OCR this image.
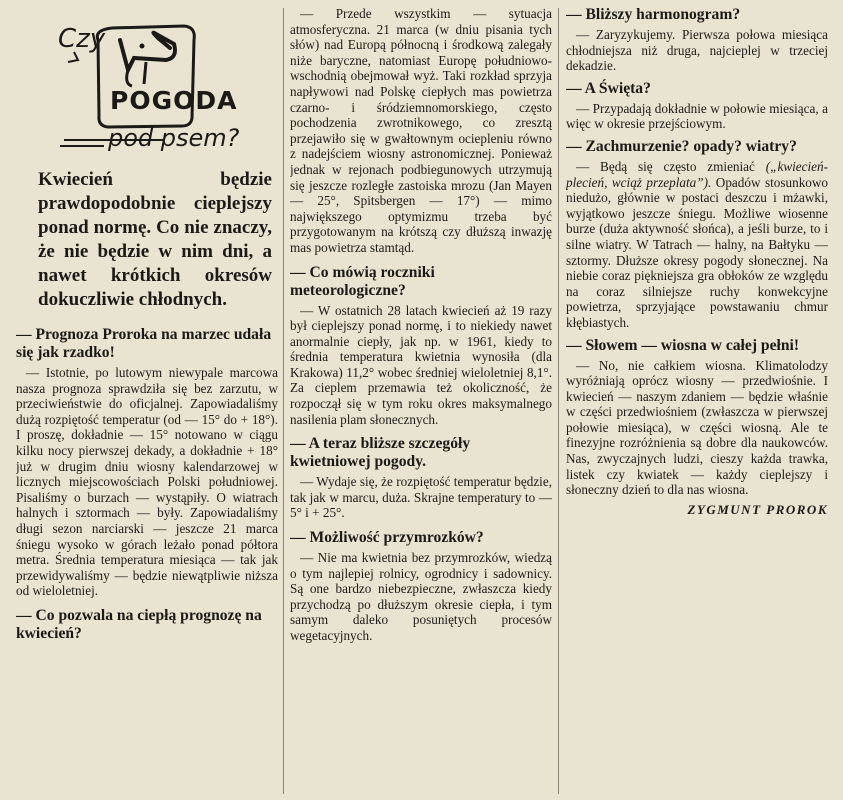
Czy
POGODA
pod psem?
Kwiecień będzie prawdopodobnie cieplejszy ponad normę. Co nie znaczy, że nie będzie w nim dni, a nawet krótkich okresów dokuczliwie chłodnych.
— Prognoza Proroka na marzec udała się jak rzadko!

— Istotnie, po lutowym niewypale marcowa nasza prognoza sprawdziła się bez zarzutu, w przeciwieństwie do oficjalnej. Zapowiadaliśmy dużą rozpiętość temperatur (od — 15° do + 18°). I proszę, dokładnie — 15° notowano w ciągu kilku nocy pierwszej dekady, a dokładnie + 18° już w drugim dniu wiosny kalendarzowej w licznych miejscowościach Polski południowej. Pisaliśmy o burzach — wystąpiły. O wiatrach halnych i sztormach — były. Zapowiadaliśmy długi sezon narciarski — jeszcze 21 marca śniegu wysoko w górach leżało ponad półtora metra. Średnia temperatura miesiąca — tak jak przewidywaliśmy — będzie niewątpliwie niższa od wieloletniej.

— Co pozwala na ciepłą prognozę na kwiecień?

— Przede wszystkim — sytuacja atmosferyczna. 21 marca (w dniu pisania tych słów) nad Europą północną i środkową zalegały niże baryczne, natomiast Europę południowo-wschodnią obejmował wyż. Taki rozkład sprzyja napływowi nad Polskę ciepłych mas powietrza czarno- i śródziemnomorskiego, często pochodzenia zwrotnikowego, co zresztą przejawiło się w gwałtownym ociepleniu równo z nadejściem wiosny astronomicznej. Ponieważ jednak w rejonach podbiegunowych utrzymują się jeszcze rozległe zastoiska mrozu (Jan Mayen — 25°, Spitsbergen — 17°) — mimo największego optymizmu trzeba być przygotowanym na krótszą czy dłuższą inwazję mas powietrza stamtąd.

— Co mówią roczniki meteorologiczne?

— W ostatnich 28 latach kwiecień aż 19 razy był cieplejszy ponad normę, i to niekiedy nawet anormalnie ciepły, jak np. w 1961, kiedy to średnia temperatura kwietnia wynosiła (dla Krakowa) 11,2° wobec średniej wieloletniej 8,1°. Za cieplem przemawia też okoliczność, że rozpoczął się w tym roku okres maksymalnego nasilenia plam słonecznych.

— A teraz bliższe szczegóły kwietniowej pogody.

— Wydaje się, że rozpiętość temperatur będzie, tak jak w marcu, duża. Skrajne temperatury to — 5° i + 25°.

— Możliwość przymrozków?

— Nie ma kwietnia bez przymrozków, wiedzą o tym najlepiej rolnicy, ogrodnicy i sadownicy. Są one bardzo niebezpieczne, zwłaszcza kiedy przychodzą po dłuższym okresie ciepła, i tym samym daleko posuniętych procesów wegetacyjnych.

— Bliższy harmonogram?

— Zaryzykujemy. Pierwsza połowa miesiąca chłodniejsza niż druga, najcieplej w trzeciej dekadzie.

— A Święta?

— Przypadają dokładnie w połowie miesiąca, a więc w okresie przejściowym.

— Zachmurzenie? opady? wiatry?

— Będą się często zmieniać („kwiecień-plecień, wciąż przeplata”). Opadów stosunkowo niedużo, głównie w postaci deszczu i mżawki, wyjątkowo jeszcze śniegu. Możliwe wiosenne burze (duża aktywność słońca), a jeśli burze, to i silne wiatry. W Tatrach — halny, na Bałtyku — sztormy. Dłuższe okresy pogody słonecznej. Na niebie coraz piękniejsza gra obłoków ze względu na coraz silniejsze ruchy konwekcyjne powietrza, sprzyjające powstawaniu chmur kłębiastych.

— Słowem — wiosna w całej pełni!

— No, nie całkiem wiosna. Klimatolodzy wyróżniają oprócz wiosny — przedwiośnie. I kwiecień — naszym zdaniem — będzie właśnie w części przedwiośniem (zwłaszcza w pierwszej połowie miesiąca), w części wiosną. Ale te finezyjne rozróżnienia są dobre dla naukowców. Nas, zwyczajnych ludzi, cieszy każda trawka, listek czy kwiatek — każdy cieplejszy i słoneczny dzień to dla nas wiosna.

ZYGMUNT PROROK
